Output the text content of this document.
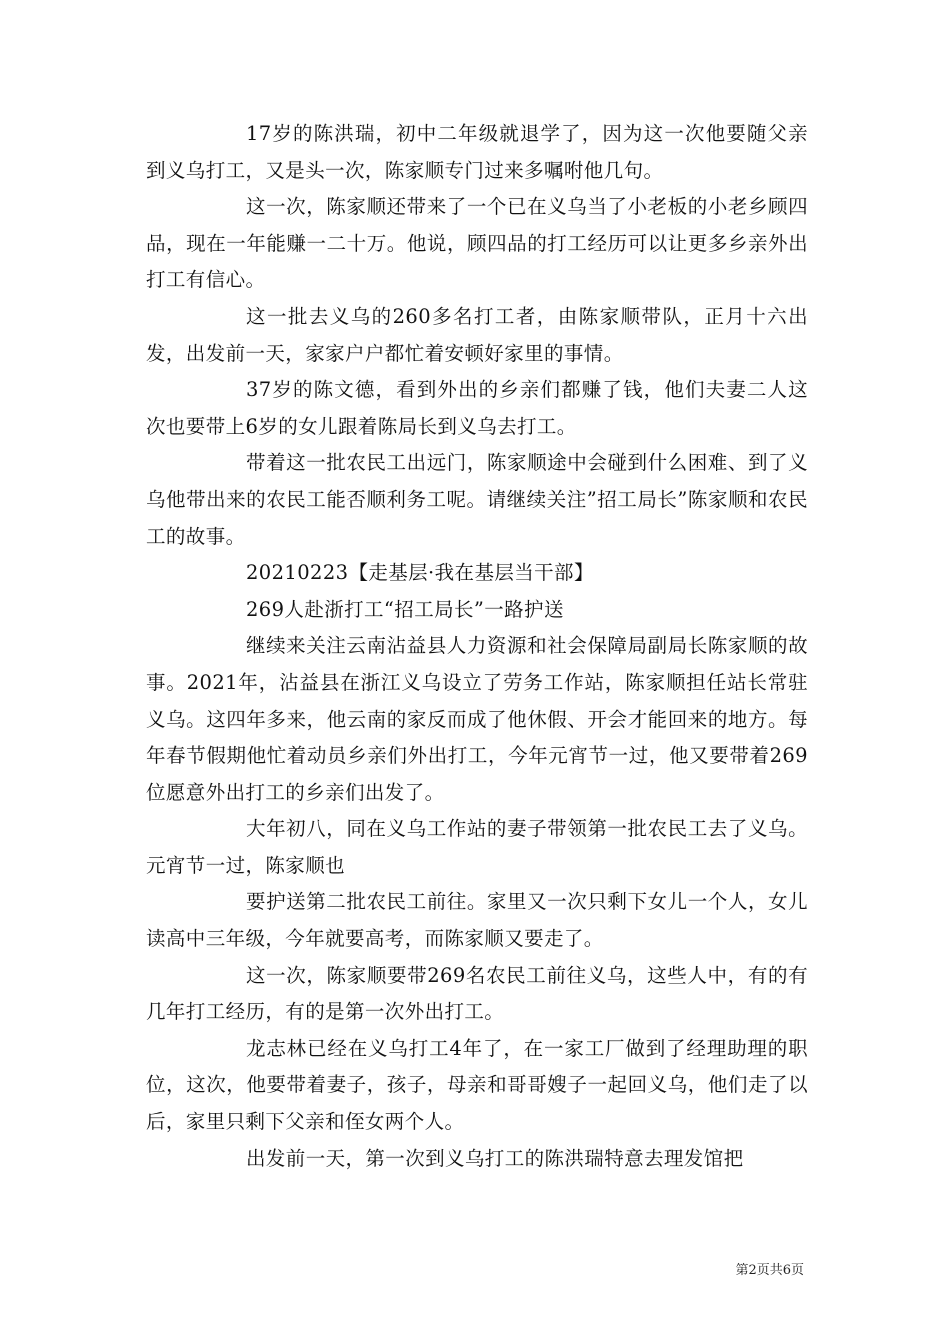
17岁的陈洪瑞，初中二年级就退学了，因为这一次他要随父亲到义乌打工，又是头一次，陈家顺专门过来多嘱咐他几句。

这一次，陈家顺还带来了一个已在义乌当了小老板的小老乡顾四品，现在一年能赚一二十万。他说，顾四品的打工经历可以让更多乡亲外出打工有信心。

这一批去义乌的260多名打工者，由陈家顺带队，正月十六出发，出发前一天，家家户户都忙着安顿好家里的事情。

37岁的陈文德，看到外出的乡亲们都赚了钱，他们夫妻二人这次也要带上6岁的女儿跟着陈局长到义乌去打工。

带着这一批农民工出远门，陈家顺途中会碰到什么困难、到了义乌他带出来的农民工能否顺利务工呢。请继续关注”招工局长”陈家顺和农民工的故事。

20210223【走基层·我在基层当干部】

269人赴浙打工“招工局长”一路护送

继续来关注云南沾益县人力资源和社会保障局副局长陈家顺的故事。2021年，沾益县在浙江义乌设立了劳务工作站，陈家顺担任站长常驻义乌。这四年多来，他云南的家反而成了他休假、开会才能回来的地方。每年春节假期他忙着动员乡亲们外出打工，今年元宵节一过，他又要带着269位愿意外出打工的乡亲们出发了。

大年初八，同在义乌工作站的妻子带领第一批农民工去了义乌。元宵节一过，陈家顺也

要护送第二批农民工前往。家里又一次只剩下女儿一个人，女儿读高中三年级，今年就要高考，而陈家顺又要走了。

这一次，陈家顺要带269名农民工前往义乌，这些人中，有的有几年打工经历，有的是第一次外出打工。

龙志林已经在义乌打工4年了，在一家工厂做到了经理助理的职位，这次，他要带着妻子，孩子，母亲和哥哥嫂子一起回义乌，他们走了以后，家里只剩下父亲和侄女两个人。

出发前一天，第一次到义乌打工的陈洪瑞特意去理发馆把

第2页共6页
